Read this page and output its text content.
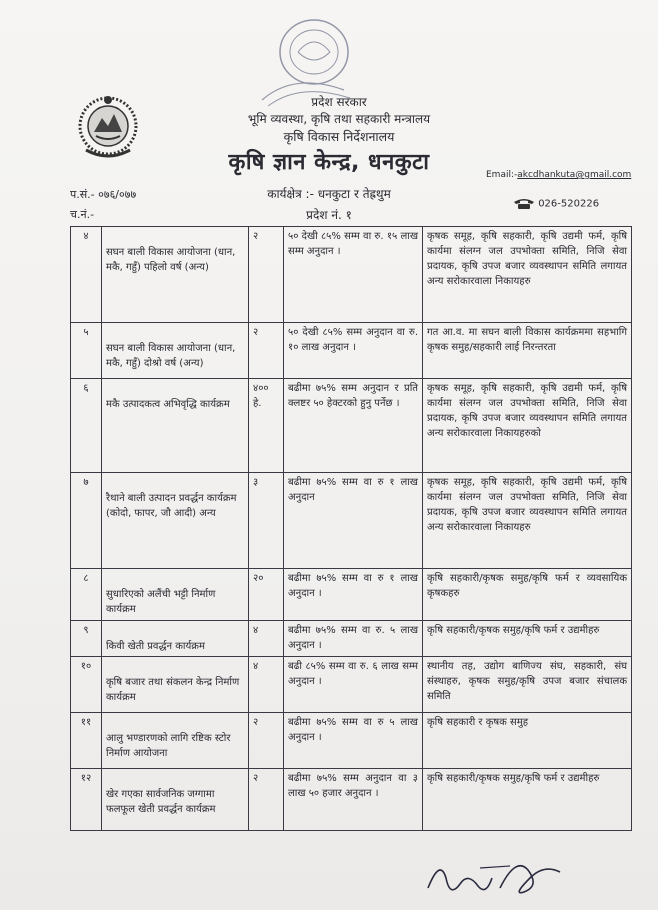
प्रदेश सरकार
भूमि व्यवस्था, कृषि तथा सहकारी मन्त्रालय
कृषि विकास निर्देशनालय
कृषि ज्ञान केन्द्र, धनकुटा
कार्यक्षेत्र :- धनकुटा र तेह्रथुम
प्रदेश नं. १
Email:-akcdhankuta@gmail.com
026-520226
प.सं.- ०७६/०७७
च.नं.-
४	सघन बाली विकास आयोजना (धान, मकै, गहुँ) पहिलो वर्ष (अन्य)	२	५० देखी ८५% सम्म वा रु. १५ लाख सम्म अनुदान ।	कृषक समूह, कृषि सहकारी, कृषि उद्यमी फर्म, कृषि कार्यमा संलग्न जल उपभोक्ता समिति, निजि सेवा प्रदायक, कृषि उपज बजार व्यवस्थापन समिति लगायत अन्य सरोकारवाला निकायहरु
५	सघन बाली विकास आयोजना (धान, मकै, गहुँ) दोश्रो वर्ष (अन्य)	२	५० देखी ८५% सम्म अनुदान वा रु. १० लाख अनुदान ।	गत आ.व. मा सघन बाली विकास कार्यक्रममा सहभागि कृषक समुह/सहकारी लाई निरन्तरता
६	मकै उत्पादकत्व अभिवृद्धि कार्यक्रम	४०० हे.	बढीमा ७५% सम्म अनुदान र प्रति क्लष्टर ५० हेक्टरको हुनु पर्नेछ ।	कृषक समूह, कृषि सहकारी, कृषि उद्यमी फर्म, कृषि कार्यमा संलग्न जल उपभोक्ता समिति, निजि सेवा प्रदायक, कृषि उपज बजार व्यवस्थापन समिति लगायत अन्य सरोकारवाला निकायहरुको
७	रैथाने बाली उत्पादन प्रवर्द्धन कार्यक्रम (कोदो, फापर, जौ आदी) अन्य	३	बढीमा ७५% सम्म वा रु १ लाख अनुदान	कृषक समूह, कृषि सहकारी, कृषि उद्यमी फर्म, कृषि कार्यमा संलग्न जल उपभोक्ता समिति, निजि सेवा प्रदायक, कृषि उपज बजार व्यवस्थापन समिति लगायत अन्य सरोकारवाला निकायहरु
८	सुधारिएको अलैंची भट्टी निर्माण कार्यक्रम	२०	बढीमा ७५% सम्म वा रु १ लाख अनुदान ।	कृषि सहकारी/कृषक समुह/कृषि फर्म र व्यवसायिक कृषकहरु
९	किवी खेती प्रवर्द्धन कार्यक्रम	४	बढीमा ७५% सम्म वा रु. ५ लाख अनुदान ।	कृषि सहकारी/कृषक समुह/कृषि फर्म र उद्यमीहरु
१०	कृषि बजार तथा संकलन केन्द्र निर्माण कार्यक्रम	४	बढी ८५% सम्म वा रु. ६ लाख सम्म अनुदान ।	स्थानीय तह, उद्योग बाणिज्य संघ, सहकारी, संघ संस्थाहरु, कृषक समुह/कृषि उपज बजार संचालक समिति
११	आलु भण्डारणको लागि रष्टिक स्टोर निर्माण आयोजना	२	बढीमा ७५% सम्म वा रु ५ लाख अनुदान ।	कृषि सहकारी र कृषक समुह
१२	खेर गएका सार्वजनिक जग्गामा फलफूल खेती प्रवर्द्धन कार्यक्रम	२	बढीमा ७५% सम्म अनुदान वा ३ लाख ५० हजार अनुदान ।	कृषि सहकारी/कृषक समुह/कृषि फर्म र उद्यमीहरु
